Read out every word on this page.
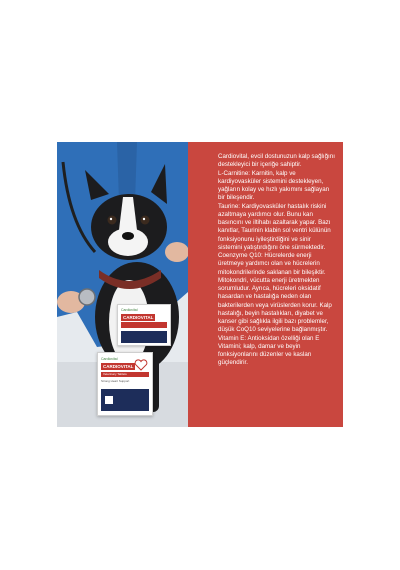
Cardiovital
CARDIOVITAL
Cardiovital
CARDIOVITAL
Veterinary Tablets
Strong Heart Support

Cardiovital, evcil dostunuzun kalp sağlığını destekleyici bir içeriğe sahiptir.

L-Carnitine: Karnitin, kalp ve kardiyovasküler sistemini destekleyen, yağların kolay ve hızlı yakımını sağlayan bir bileşendir.

Taurine: Kardiyovasküler hastalık riskini azaltmaya yardımcı olur. Bunu kan basıncını ve iltihabı azaltarak yapar. Bazı kanıtlar, Taurinin klabin sol ventri külünün fonksiyonunu iyileştirdiğini ve sinir sistemini yatıştırdığını öne sürmektedir.

Coenzyme Q10: Hücrelerde enerji üretmeye yardımcı olan ve hücrelerin mitokondrilerinde saklanan bir bileşiktir. Mitokondri, vücutta enerji üretmekten sorumludur. Ayrıca, hücreleri oksidatif hasardan ve hastalığa neden olan bakterilerden veya virüslerden korur. Kalp hastalığı, beyin hastalıkları, diyabet ve kanser gibi sağlıkla ilgili bazı problemler, düşük CoQ10 seviyelerine bağlanmıştır.

Vitamin E: Antioksidan özelliği olan E Vitamini; kalp, damar ve beyin fonksiyonlarını düzenler ve kasları güçlendirir.
